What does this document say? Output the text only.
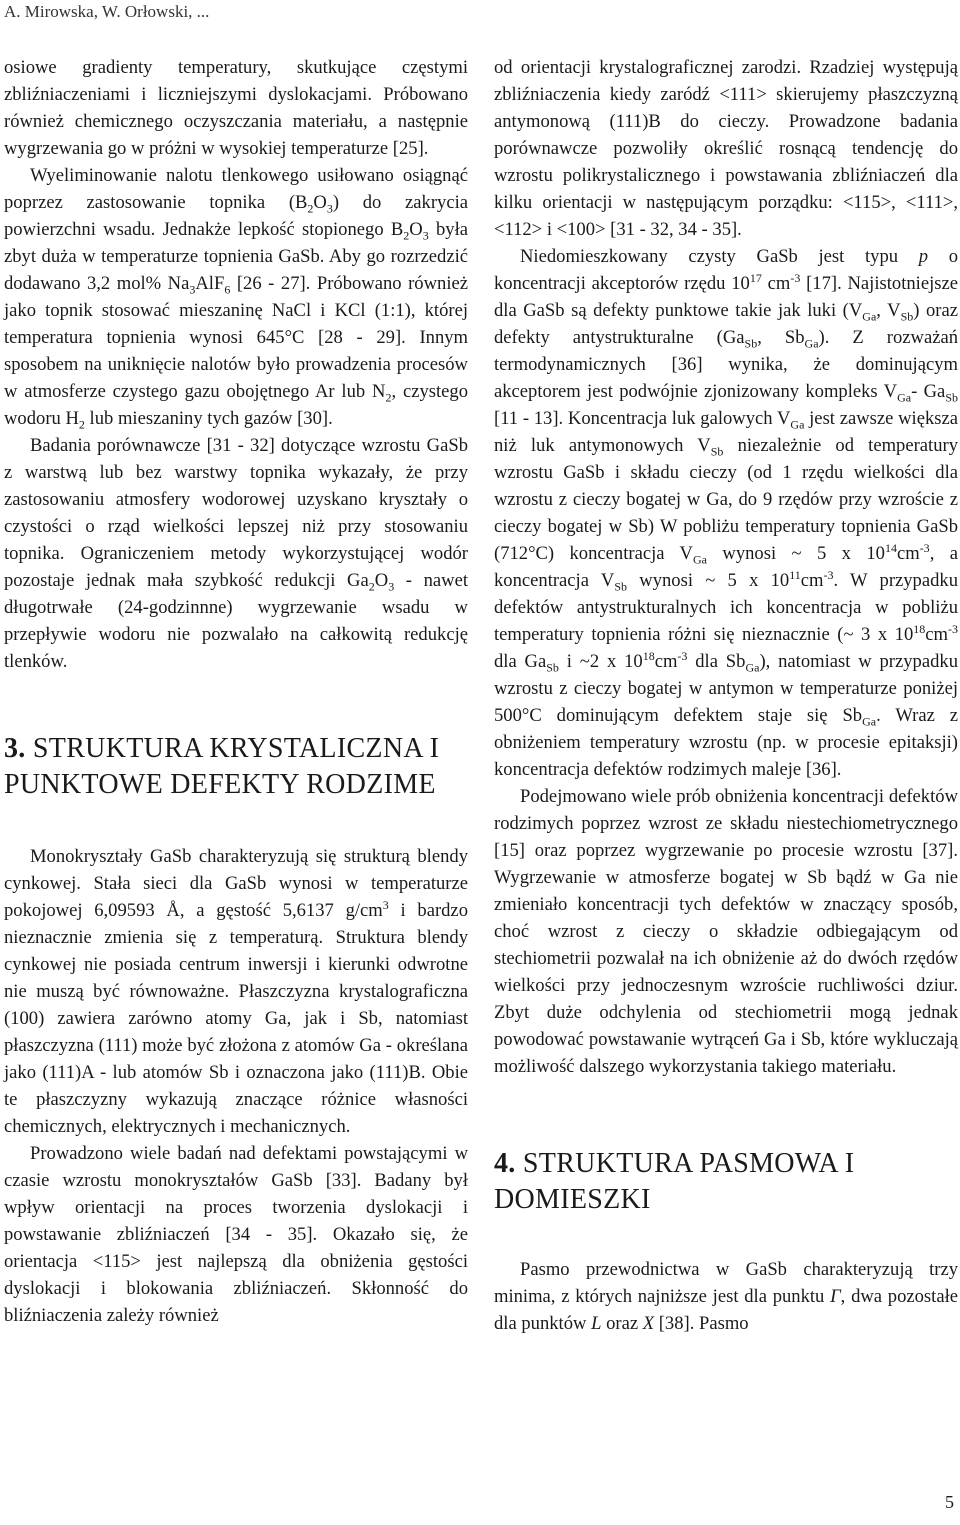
A. Mirowska, W. Orłowski, ...

osiowe gradienty temperatury, skutkujące częstymi zbliźniaczeniami i liczniejszymi dyslokacjami. Próbowano również chemicznego oczyszczania materiału, a następnie wygrzewania go w próżni w wysokiej temperaturze [25].

Wyeliminowanie nalotu tlenkowego usiłowano osiągnąć poprzez zastosowanie topnika $(B_2O_3)$ do zakrycia powierzchni wsadu. Jednakże lepkość stopionego $B_2O_3$ była zbyt duża w temperaturze topnienia GaSb. Aby go rozrzedzić dodawano 3,2 mol% $Na_3AlF_6$ [26 - 27]. Próbowano również jako topnik stosować mieszaninę NaCl i KCl (1:1), której temperatura topnienia wynosi 645°C [28 - 29]. Innym sposobem na uniknięcie nalotów było prowadzenia procesów w atmosferze czystego gazu obojętnego Ar lub $N_2$, czystego wodoru $H_2$ lub mieszaniny tych gazów [30].

Badania porównawcze [31 - 32] dotyczące wzrostu GaSb z warstwą lub bez warstwy topnika wykazały, że przy zastosowaniu atmosfery wodorowej uzyskano kryształy o czystości o rząd wielkości lepszej niż przy stosowaniu topnika. Ograniczeniem metody wykorzystującej wodór pozostaje jednak mała szybkość redukcji $Ga_2O_3$ - nawet długotrwałe (24-godzinnne) wygrzewanie wsadu w przepływie wodoru nie pozwalało na całkowitą redukcję tlenków.

3. STRUKTURA KRYSTALICZNA I PUNKTOWE DEFEKTY RODZIME

Monokryształy GaSb charakteryzują się strukturą blendy cynkowej. Stała sieci dla GaSb wynosi w temperaturze pokojowej 6,09593 Å, a gęstość 5,6137 $g/cm^3$ i bardzo nieznacznie zmienia się z temperaturą. Struktura blendy cynkowej nie posiada centrum inwersji i kierunki odwrotne nie muszą być równoważne. Płaszczyzna krystalograficzna (100) zawiera zarówno atomy Ga, jak i Sb, natomiast płaszczyzna (111) może być złożona z atomów Ga - określana jako (111)A - lub atomów Sb i oznaczona jako (111)B. Obie te płaszczyzny wykazują znaczące różnice własności chemicznych, elektrycznych i mechanicznych.

Prowadzono wiele badań nad defektami powstającymi w czasie wzrostu monokryształów GaSb [33]. Badany był wpływ orientacji na proces tworzenia dyslokacji i powstawanie zbliźniaczeń [34 - 35]. Okazało się, że orientacja <115> jest najlepszą dla obniżenia gęstości dyslokacji i blokowania zbliźniaczeń. Skłonność do bliźniaczenia zależy również

od orientacji krystalograficznej zarodzi. Rzadziej występują zbliźniaczenia kiedy zaródź <111> skierujemy płaszczyzną antymonową (111)B do cieczy. Prowadzone badania porównawcze pozwoliły określić rosnącą tendencję do wzrostu polikrystalicznego i powstawania zbliźniaczeń dla kilku orientacji w następującym porządku: <115>, <111>, <112> i <100> [31 - 32, 34 - 35].

Niedomieszkowany czysty GaSb jest typu p o koncentracji akceptorów rzędu $10^{17}$ $cm^{-3}$ [17]. Najistotniejsze dla GaSb są defekty punktowe takie jak luki ($V_{Ga}$, $V_{Sb}$) oraz defekty antystrukturalne ($Ga_{Sb}$, $Sb_{Ga}$). Z rozważań termodynamicznych [36] wynika, że dominującym akceptorem jest podwójnie zjonizowany kompleks $V_{Ga}-$ $Ga_{Sb}$ [11 - 13]. Koncentracja luk galowych $V_{Ga}$ jest zawsze większa niż luk antymonowych $V_{Sb}$ niezależnie od temperatury wzrostu GaSb i składu cieczy (od 1 rzędu wielkości dla wzrostu z cieczy bogatej w Ga, do 9 rzędów przy wzroście z cieczy bogatej w Sb) W pobliżu temperatury topnienia GaSb (712°C) koncentracja $V_{Ga}$ wynosi ~ 5 x $10^{14}cm^{-3}$, a koncentracja $V_{Sb}$ wynosi ~ 5 x $10^{11}cm^{-3}$. W przypadku defektów antystrukturalnych ich koncentracja w pobliżu temperatury topnienia różni się nieznacznie (~ 3 x $10^{18}cm^{-3}$ dla $Ga_{Sb}$ i ~2 x $10^{18}cm^{-3}$ dla $Sb_{Ga}$), natomiast w przypadku wzrostu z cieczy bogatej w antymon w temperaturze poniżej 500°C dominującym defektem staje się $Sb_{Ga}$. Wraz z obniżeniem temperatury wzrostu (np. w procesie epitaksji) koncentracja defektów rodzimych maleje [36].

Podejmowano wiele prób obniżenia koncentracji defektów rodzimych poprzez wzrost ze składu niestechiometrycznego [15] oraz poprzez wygrzewanie po procesie wzrostu [37]. Wygrzewanie w atmosferze bogatej w Sb bądź w Ga nie zmieniało koncentracji tych defektów w znaczący sposób, choć wzrost z cieczy o składzie odbiegającym od stechiometrii pozwalał na ich obniżenie aż do dwóch rzędów wielkości przy jednoczesnym wzroście ruchliwości dziur. Zbyt duże odchylenia od stechiometrii mogą jednak powodować powstawanie wytrąceń Ga i Sb, które wykluczają możliwość dalszego wykorzystania takiego materiału.

4. STRUKTURA PASMOWA I DOMIESZKI

Pasmo przewodnictwa w GaSb charakteryzują trzy minima, z których najniższe jest dla punktu Γ, dwa pozostałe dla punktów L oraz X [38]. Pasmo

5
